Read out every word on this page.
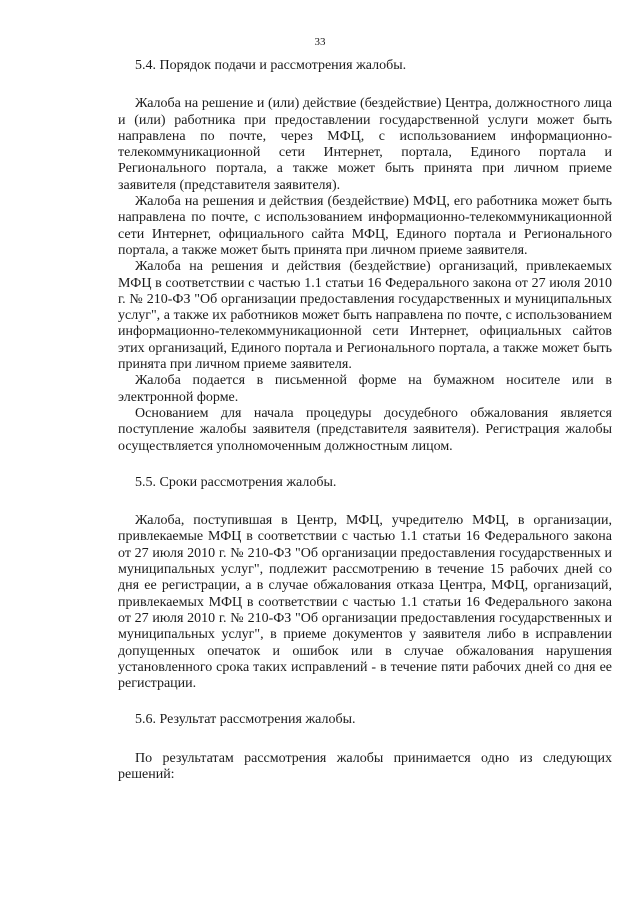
33

5.4. Порядок подачи и рассмотрения жалобы.

Жалоба на решение и (или) действие (бездействие) Центра, должностного лица и (или) работника при предоставлении государственной услуги может быть направлена по почте, через МФЦ, с использованием информационно-телекоммуникационной сети Интернет, портала, Единого портала и Регионального портала, а также может быть принята при личном приеме заявителя (представителя заявителя).

Жалоба на решения и действия (бездействие) МФЦ, его работника может быть направлена по почте, с использованием информационно-телекоммуникационной сети Интернет, официального сайта МФЦ, Единого портала и Регионального портала, а также может быть принята при личном приеме заявителя.

Жалоба на решения и действия (бездействие) организаций, привлекаемых МФЦ в соответствии с частью 1.1 статьи 16 Федерального закона от 27 июля 2010 г. № 210-ФЗ "Об организации предоставления государственных и муниципальных услуг", а также их работников может быть направлена по почте, с использованием информационно-телекоммуникационной сети Интернет, официальных сайтов этих организаций, Единого портала и Регионального портала, а также может быть принята при личном приеме заявителя.

Жалоба подается в письменной форме на бумажном носителе или в электронной форме.

Основанием для начала процедуры досудебного обжалования является поступление жалобы заявителя (представителя заявителя). Регистрация жалобы осуществляется уполномоченным должностным лицом.

5.5. Сроки рассмотрения жалобы.

Жалоба, поступившая в Центр, МФЦ, учредителю МФЦ, в организации, привлекаемые МФЦ в соответствии с частью 1.1 статьи 16 Федерального закона от 27 июля 2010 г. № 210-ФЗ "Об организации предоставления государственных и муниципальных услуг", подлежит рассмотрению в течение 15 рабочих дней со дня ее регистрации, а в случае обжалования отказа Центра, МФЦ, организаций, привлекаемых МФЦ в соответствии с частью 1.1 статьи 16 Федерального закона от 27 июля 2010 г. № 210-ФЗ "Об организации предоставления государственных и муниципальных услуг", в приеме документов у заявителя либо в исправлении допущенных опечаток и ошибок или в случае обжалования нарушения установленного срока таких исправлений - в течение пяти рабочих дней со дня ее регистрации.

5.6. Результат рассмотрения жалобы.

По результатам рассмотрения жалобы принимается одно из следующих решений:
